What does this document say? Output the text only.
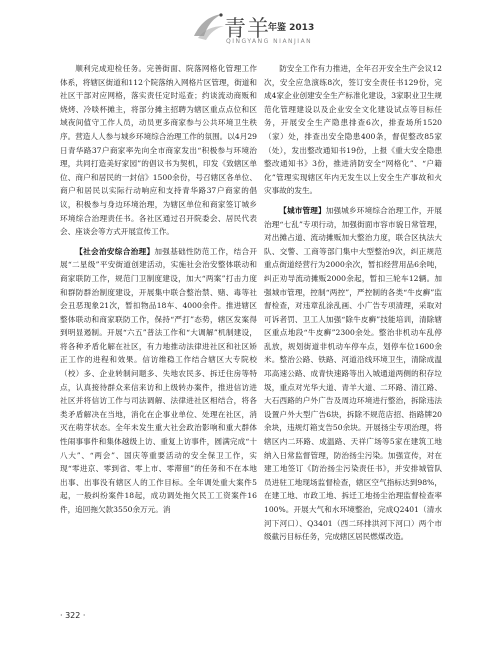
青羊
年鉴 2013
QINGYANG NIANJIAN

顺利完成迎检任务。完善街面、院落网格化管理工作体系，将辖区街道和112个院落纳入网格片区管理，街道和社区干部对应网格，落实责任定时巡查；约谈流动商贩和烧烤、冷啖杯摊主，将部分摊主招聘为辖区重点点位和区域夜间值守工作人员，动员更多商家参与公共环境卫生秩序。营造人人参与城乡环境综合治理工作的氛围。以4月29日青华路37户商家率先向全市商家发出“积极参与环境治理，共同打造美好家园”的倡议书为契机，印发《致辖区单位、商户和居民的一封信》1500余份，号召辖区各单位、商户和居民以实际行动响应和支持青华路37户商家的倡议，积极参与身边环境治理，为辖区单位和商家签订城乡环境综合治理责任书。各社区通过召开院委会、居民代表会、座谈会等方式开展宣传工作。

【社会治安综合治理】加强基础性防范工作，结合开展“二星级”平安街道创建活动，实施社会治安整体联动和商家联防工作，规范门卫制度建设，加大“两案”打击力度和群防群治制度建设，开展集中联合整治禁、赌、毒等社会丑恶现象21次，暂扣物品18车、4000余件。推进辖区整体联动和商家联防工作，保持“严打”态势，辖区发案得到明显遏制。开展“六五”普法工作和“大调解”机制建设，将各种矛盾化解在社区，有力地推动法律进社区和社区矫正工作的进程和效果。信访维稳工作结合辖区大专院校（校）多、企业转制问题多、失地农民多、拆迁住房等特点，认真接待群众来信来访和上级转办案件，推进信访进社区并将信访工作与司法调解、法律进社区相结合，将各类矛盾解决在当地，消化在企事业单位、处理在社区，消灭在萌芽状态。全年未发生重大社会政治影响和重大群体性闹事事件和集体越级上访、重复上访事件，圆满完成“十八大”、“两会”、国庆等重要活动的安全保卫工作，实现“零进京、零到省、零上市、零滞留”的任务和不在本地出事、出事没有辖区人的工作目标。全年调处重大案件5起，一般纠纷案件18起，成功调处拖欠民工工资案件16件，追回拖欠款3550余万元。消

防安全工作有力推进，全年召开安全生产会议12次，安全应急演练8次，签订安全责任书129份，完成4家企业创建安全生产标准化建设，3家职业卫生规范化管理建设以及企业安全文化建设试点等目标任务，开展安全生产隐患排查6次，排查场所1520（家）处，排查出安全隐患400条，督促整改85家（处），发出整改通知书19份，上报《重大安全隐患整改通知书》3份，推进消防安全“网格化”、“户籍化”管理实现辖区年内无发生以上安全生产事故和火灾事故的发生。

【城市管理】加强城乡环境综合治理工作，开展治理“七乱”专项行动，加强街面市容市貌日常管理，对出摊占道、流动摊贩加大整治力度，联合区执法大队、交警、工商等部门集中大型整治9次，纠正规范重点街道经营行为2000余次，暂扣经营用品6余吨，纠正劝导流动摊贩2000余起，暂扣三轮车12辆。加强城市管理，控制“两控”，严控制的各类“牛皮癣”监督检查，对违章乱涂乱画、小广告专项清理，采取对可诉者罚、卫工人加强“除牛皮癣”技能培训，清除辖区重点地段“牛皮癣”2300余处。整治非机动车乱停乱放，规划街道非机动车停车点，划停车位1600余米。整治公路、铁路、河道沿线环境卫生，清除成温邛高速公路、成青快速路等出入城通道两侧的积存垃圾，重点对光华大道、青羊大道、二环路、清江路、大石西路的户外广告及周边环境进行整治，拆除违法设置户外大型广告6块，拆除不规范店招、指路牌20余块，违规灯箱支告50余块。开展扬尘专项治理，将辖区内二环路、成温路、天祥广场等5家在建筑工地纳入日常监督管理，防治扬尘污染。加强宣传，对在建工地签订《防治扬尘污染责任书》，并安排城管队员进驻工地现场监督检查，辖区空气指标达到98%，在建工地、市政工地、拆迁工地扬尘治理监督检查率100%。开展大气和水环境整治，完成Q2401（清水河下河口）、Q3401（西二环排洪河下河口）两个市级截污目标任务，完成辖区居民燃煤改造。

· 322 ·
